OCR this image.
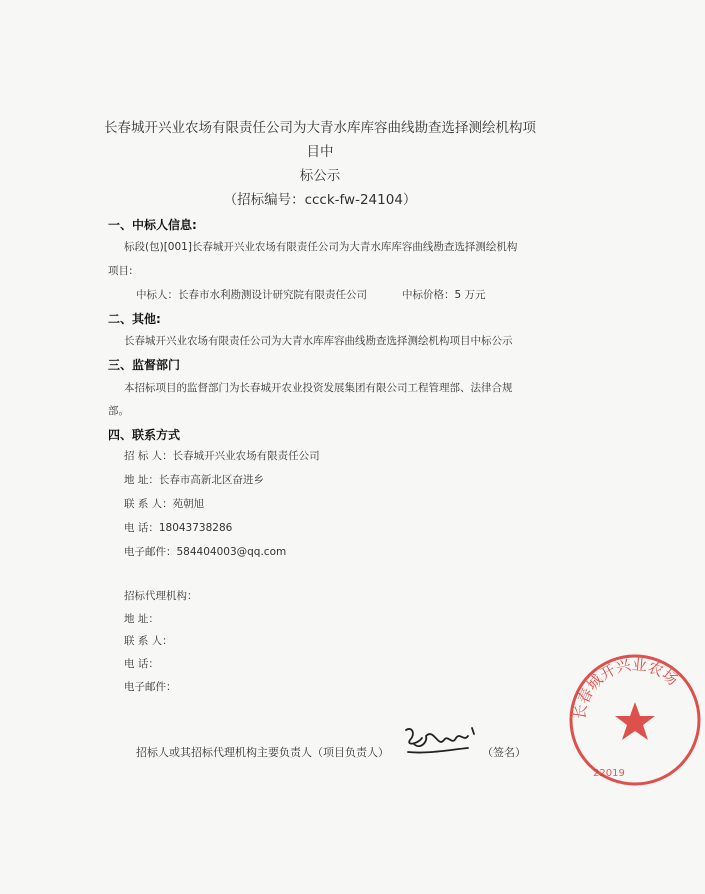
长春城开兴业农场有限责任公司为大青水库库容曲线勘查选择测绘机构项目中
标公示
（招标编号：ccck-fw-24104）
一、中标人信息:
标段(包)[001]长春城开兴业农场有限责任公司为大青水库库容曲线勘查选择测绘机构
项目:
中标人：长春市水利勘测设计研究院有限责任公司	中标价格：5 万元
二、其他:
长春城开兴业农场有限责任公司为大青水库库容曲线勘查选择测绘机构项目中标公示
三、监督部门
本招标项目的监督部门为长春城开农业投资发展集团有限公司工程管理部、法律合规
部。
四、联系方式
招 标 人：长春城开兴业农场有限责任公司
地 址：长春市高新北区奋进乡
联 系 人：苑朝旭
电 话：18043738286
电子邮件：584404003@qq.com
招标代理机构：
地 址：
联 系 人：
电 话：
电子邮件：
招标人或其招标代理机构主要负责人（项目负责人）	（签名）
长春城开兴业农场
22019
